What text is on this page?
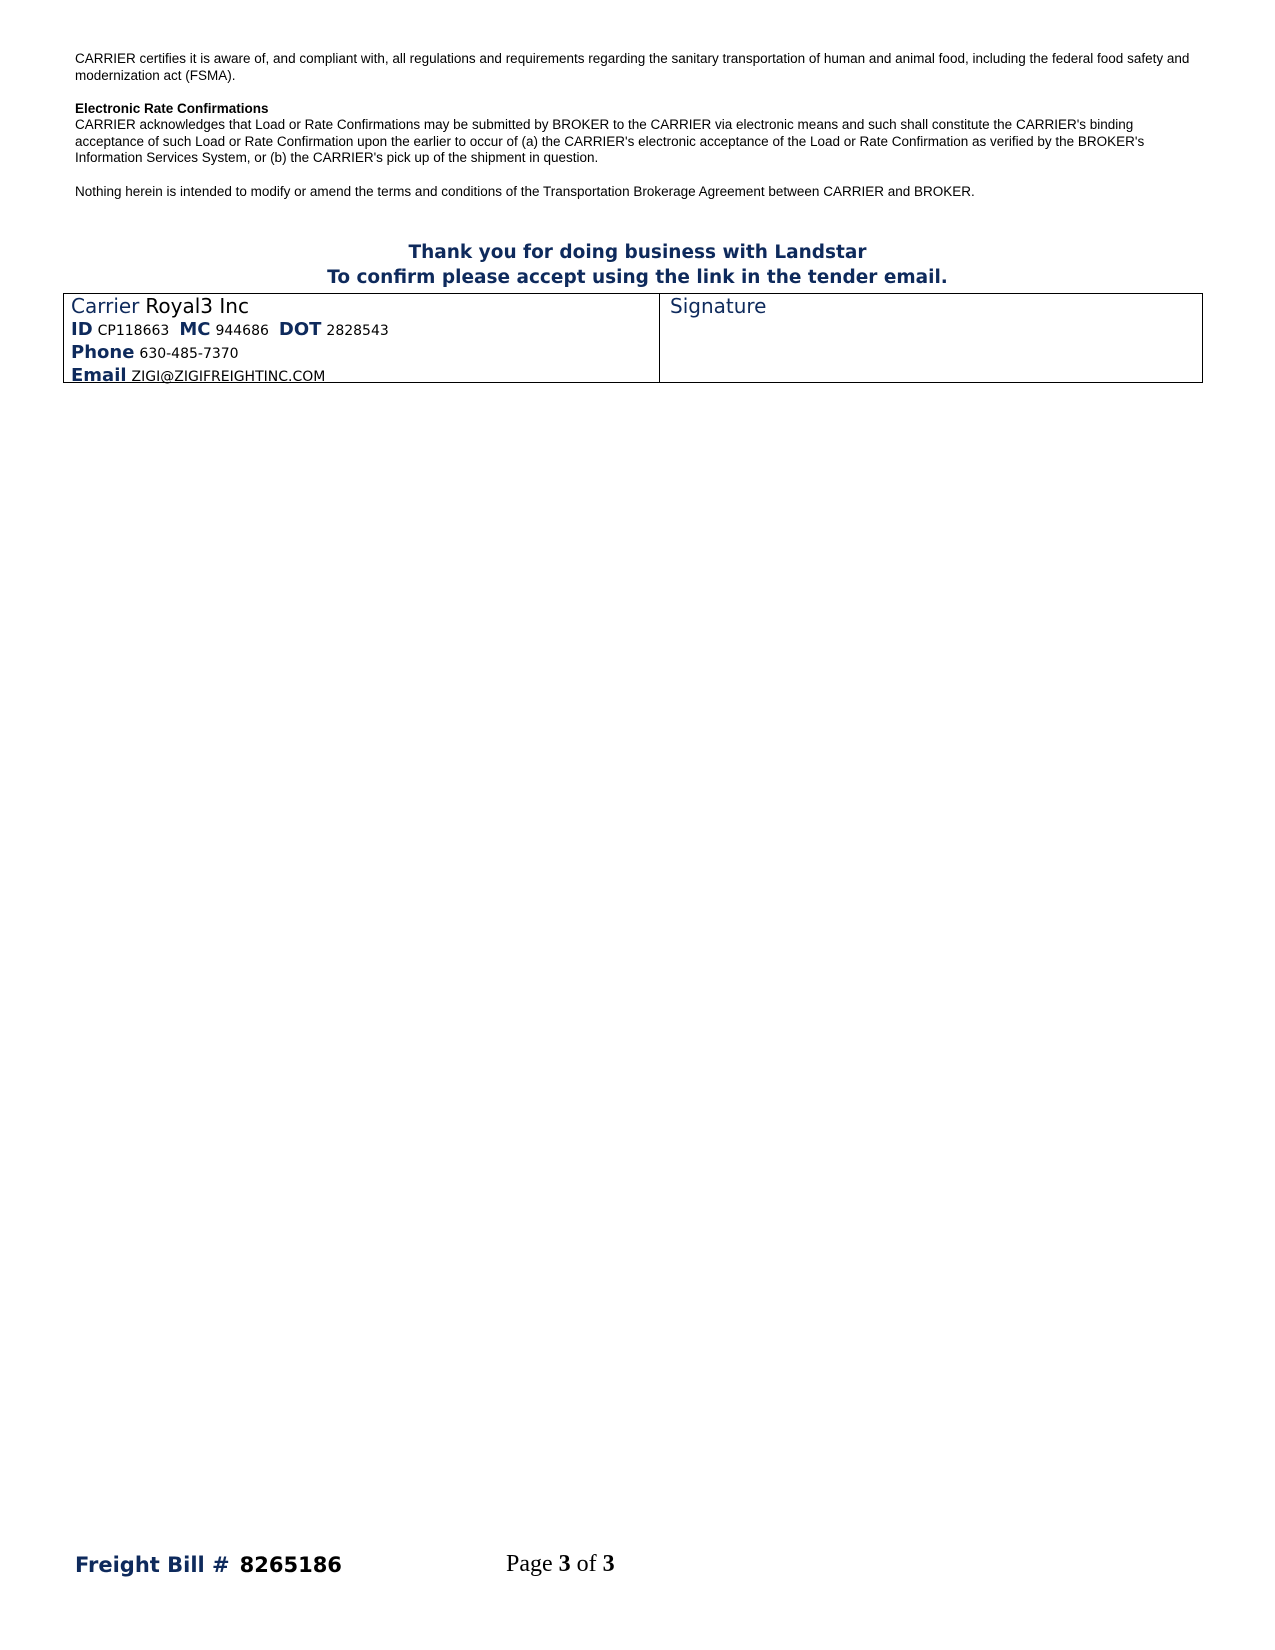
CARRIER certifies it is aware of, and compliant with, all regulations and requirements regarding the sanitary transportation of human and animal food, including the federal food safety and modernization act (FSMA).

Electronic Rate Confirmations

CARRIER acknowledges that Load or Rate Confirmations may be submitted by BROKER to the CARRIER via electronic means and such shall constitute the CARRIER's binding acceptance of such Load or Rate Confirmation upon the earlier to occur of (a) the CARRIER's electronic acceptance of the Load or Rate Confirmation as verified by the BROKER's Information Services System, or (b) the CARRIER's pick up of the shipment in question.

Nothing herein is intended to modify or amend the terms and conditions of the Transportation Brokerage Agreement between CARRIER and BROKER.

Thank you for doing business with Landstar
To confirm please accept using the link in the tender email.
Carrier Royal3 Inc
ID CP118663 MC 944686 DOT 2828543
Phone 630-485-7370
Email ZIGI@ZIGIFREIGHTINC.COM
Signature
Freight Bill # 8265186	Page 3 of 3
